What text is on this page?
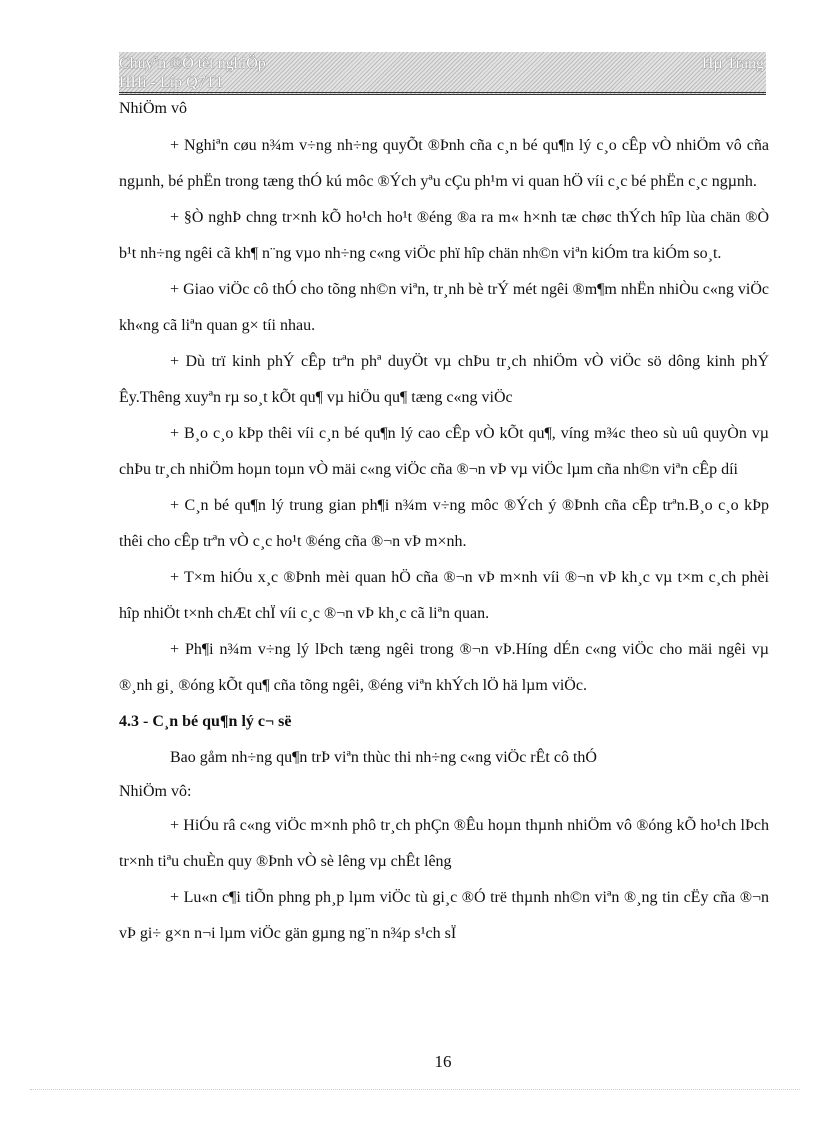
Chuyªn ®Ò tèt nghiÖp	Hµ Trang
HHi - Líp Q7T1
NhiÖm vô

+ Nghiªn cøu n¾m v÷ng nh÷ng quyÕt ®Þnh cña c¸n bé qu¶n lý c¸o cÊp vÒ nhiÖm vô cña ngµnh, bé phËn trong tæng thÓ kú môc ®Ých yªu cÇu ph¹m vi quan hÖ víi c¸c bé phËn c¸c ngµnh.

+ §Ò nghÞ chng tr×nh kÕ ho¹ch ho¹t ®éng ®a ra m« h×nh tæ chøc thÝch hîp lùa chän ®Ò b¹t nh÷ng ngêi cã kh¶ n¨ng vµo nh÷ng c«ng viÖc phï hîp chän nh©n viªn kiÓm tra kiÓm so¸t.

+ Giao viÖc cô thÓ cho tõng nh©n viªn, tr¸nh bè trÝ mét ngêi ®m¶m nhËn nhiÒu c«ng viÖc kh«ng cã liªn quan g× tíi nhau.

+ Dù trï kinh phÝ cÊp trªn phª duyÖt vµ chÞu tr¸ch nhiÖm vÒ viÖc sö dông kinh phÝ Êy.Thêng xuyªn rµ so¸t kÕt qu¶ vµ hiÖu qu¶ tæng c«ng viÖc

+ B¸o c¸o kÞp thêi víi c¸n bé qu¶n lý cao cÊp vÒ kÕt qu¶, víng m¾c theo sù uû quyÒn vµ chÞu tr¸ch nhiÖm hoµn toµn vÒ mäi c«ng viÖc cña ®¬n vÞ vµ viÖc lµm cña nh©n viªn cÊp díi

+ C¸n bé qu¶n lý trung gian ph¶i n¾m v÷ng môc ®Ých ý ®Þnh cña cÊp trªn.B¸o c¸o kÞp thêi cho cÊp trªn vÒ c¸c ho¹t ®éng cña ®¬n vÞ m×nh.

+ T×m hiÓu x¸c ®Þnh mèi quan hÖ cña ®¬n vÞ m×nh víi ®¬n vÞ kh¸c vµ t×m c¸ch phèi hîp nhiÖt t×nh chÆt chÏ víi c¸c ®¬n vÞ kh¸c cã liªn quan.

+ Ph¶i n¾m v÷ng lý lÞch tæng ngêi trong ®¬n vÞ.Híng dÉn c«ng viÖc cho mäi ngêi vµ ®¸nh gi¸ ®óng kÕt qu¶ cña tõng ngêi, ®éng viªn khÝch lÖ hä lµm viÖc.

4.3 - C¸n bé qu¶n lý c¬ së
Bao gåm nh÷ng qu¶n trÞ viªn thùc thi nh÷ng c«ng viÖc rÊt cô thÓ
NhiÖm vô:

+ HiÓu râ c«ng viÖc m×nh phô tr¸ch phÇn ®Êu hoµn thµnh nhiÖm vô ®óng kÕ ho¹ch lÞch tr×nh tiªu chuÈn quy ®Þnh vÒ sè lêng vµ chÊt lêng

+ Lu«n c¶i tiÕn phng ph¸p lµm viÖc tù gi¸c ®Ó trë thµnh nh©n viªn ®¸ng tin cËy cña ®¬n vÞ gi÷ g×n n¬i lµm viÖc gän gµng ng¨n n¾p s¹ch sÏ

16
